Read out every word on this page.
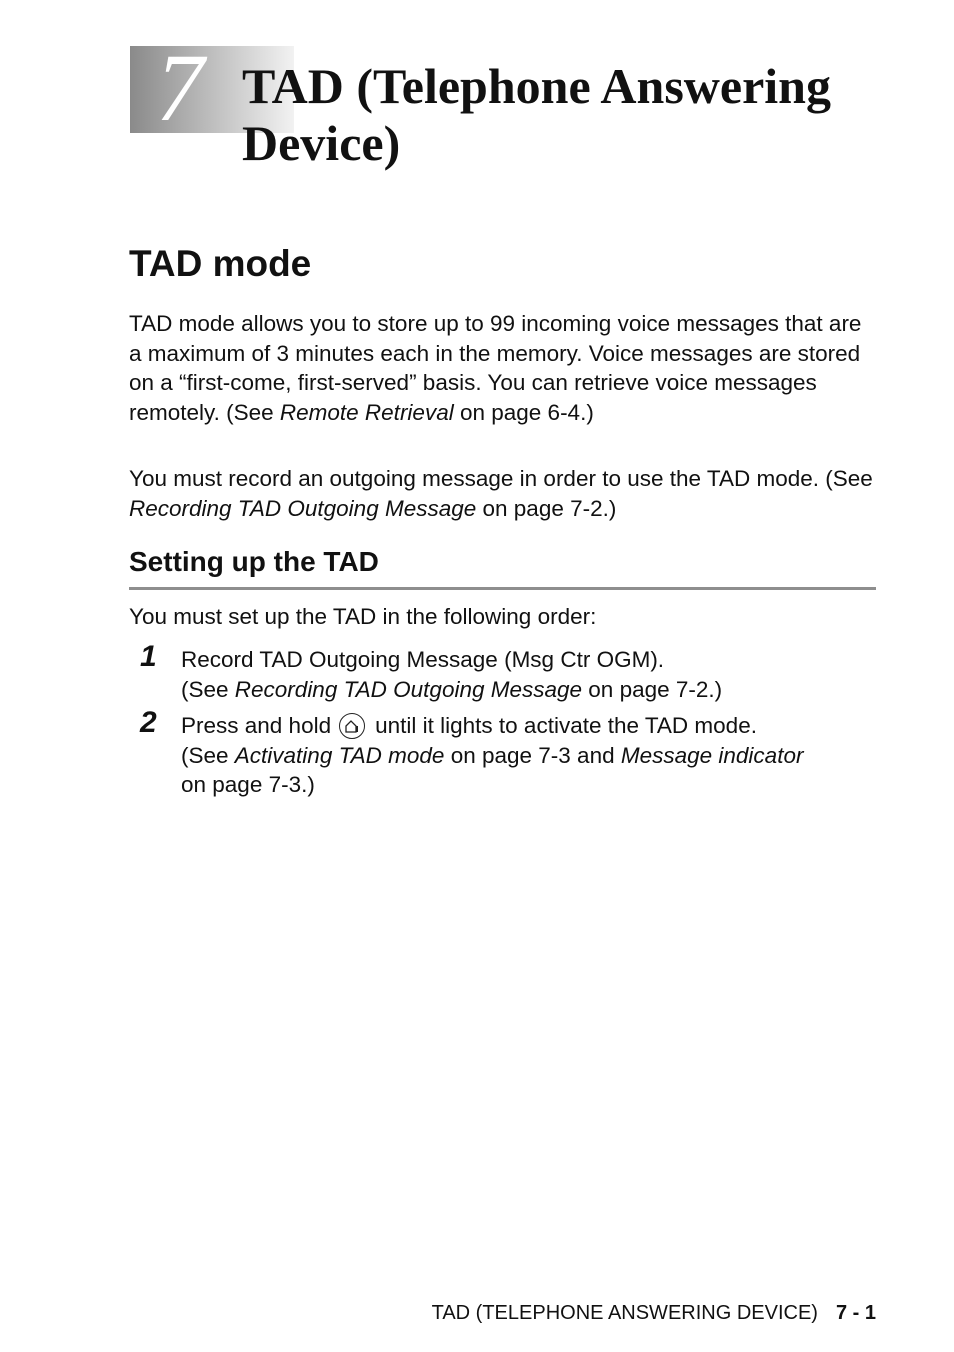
7 TAD (Telephone Answering Device)
TAD mode

TAD mode allows you to store up to 99 incoming voice messages that are a maximum of 3 minutes each in the memory. Voice messages are stored on a “first-come, first-served” basis. You can retrieve voice messages remotely. (See Remote Retrieval on page 6-4.)

You must record an outgoing message in order to use the TAD mode. (See Recording TAD Outgoing Message on page 7-2.)

Setting up the TAD

You must set up the TAD in the following order:

1 Record TAD Outgoing Message (Msg Ctr OGM).
(See Recording TAD Outgoing Message on page 7-2.)
2 Press and hold until it lights to activate the TAD mode.
(See Activating TAD mode on page 7-3 and Message indicator
on page 7-3.)
TAD (TELEPHONE ANSWERING DEVICE) 7 - 1
